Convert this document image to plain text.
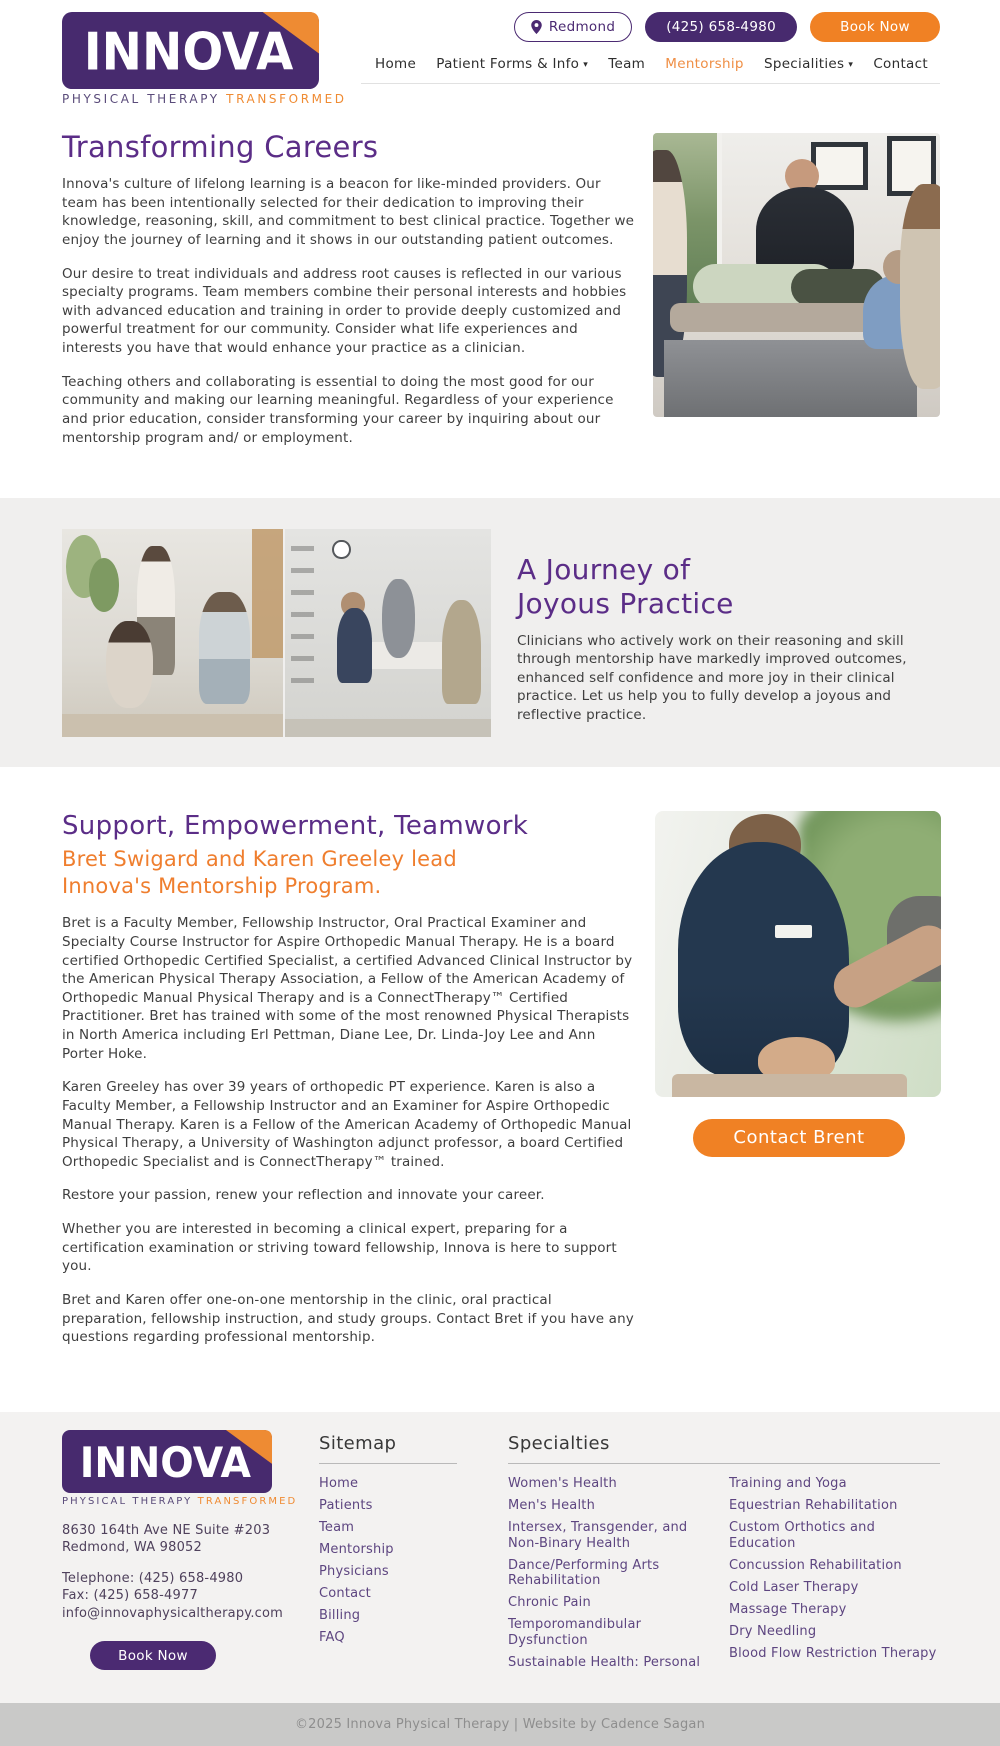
INNOVA
PHYSICAL THERAPY TRANSFORMED
Redmond	(425) 658-4980	Book Now
Home Patient Forms & Info ▾ Team Mentorship Specialities ▾ Contact
Transforming Careers

Innova's culture of lifelong learning is a beacon for like-minded providers. Our team has been intentionally selected for their dedication to improving their knowledge, reasoning, skill, and commitment to best clinical practice. Together we enjoy the journey of learning and it shows in our outstanding patient outcomes.

Our desire to treat individuals and address root causes is reflected in our various specialty programs. Team members combine their personal interests and hobbies with advanced education and training in order to provide deeply customized and powerful treatment for our community. Consider what life experiences and interests you have that would enhance your practice as a clinician.

Teaching others and collaborating is essential to doing the most good for our community and making our learning meaningful. Regardless of your experience and prior education, consider transforming your career by inquiring about our mentorship program and/ or employment.

A Journey of
Joyous Practice

Clinicians who actively work on their reasoning and skill through mentorship have markedly improved outcomes, enhanced self confidence and more joy in their clinical practice. Let us help you to fully develop a joyous and reflective practice.

Support, Empowerment, Teamwork
Bret Swigard and Karen Greeley lead
Innova's Mentorship Program.

Bret is a Faculty Member, Fellowship Instructor, Oral Practical Examiner and Specialty Course Instructor for Aspire Orthopedic Manual Therapy. He is a board certified Orthopedic Certified Specialist, a certified Advanced Clinical Instructor by the American Physical Therapy Association, a Fellow of the American Academy of Orthopedic Manual Physical Therapy and is a ConnectTherapy™ Certified Practitioner. Bret has trained with some of the most renowned Physical Therapists in North America including Erl Pettman, Diane Lee, Dr. Linda-Joy Lee and Ann Porter Hoke.

Karen Greeley has over 39 years of orthopedic PT experience. Karen is also a Faculty Member, a Fellowship Instructor and an Examiner for Aspire Orthopedic Manual Therapy. Karen is a Fellow of the American Academy of Orthopedic Manual Physical Therapy, a University of Washington adjunct professor, a board Certified Orthopedic Specialist and is ConnectTherapy™ trained.

Restore your passion, renew your reflection and innovate your career.

Whether you are interested in becoming a clinical expert, preparing for a certification examination or striving toward fellowship, Innova is here to support you.

Bret and Karen offer one-on-one mentorship in the clinic, oral practical preparation, fellowship instruction, and study groups. Contact Bret if you have any questions regarding professional mentorship.

Contact Brent
INNOVA
PHYSICAL THERAPY TRANSFORMED
8630 164th Ave NE Suite #203
Redmond, WA 98052
Telephone: (425) 658-4980
Fax: (425) 658-4977
info@innovaphysicaltherapy.com
Book Now
Sitemap
Home
Patients
Team
Mentorship
Physicians
Contact
Billing
FAQ
Specialties
Women's Health
Men's Health
Intersex, Transgender, and Non-Binary Health
Dance/Performing Arts Rehabilitation
Chronic Pain
Temporomandibular Dysfunction
Sustainable Health: Personal
Training and Yoga
Equestrian Rehabilitation
Custom Orthotics and Education
Concussion Rehabilitation
Cold Laser Therapy
Massage Therapy
Dry Needling
Blood Flow Restriction Therapy
©2025 Innova Physical Therapy | Website by Cadence Sagan
